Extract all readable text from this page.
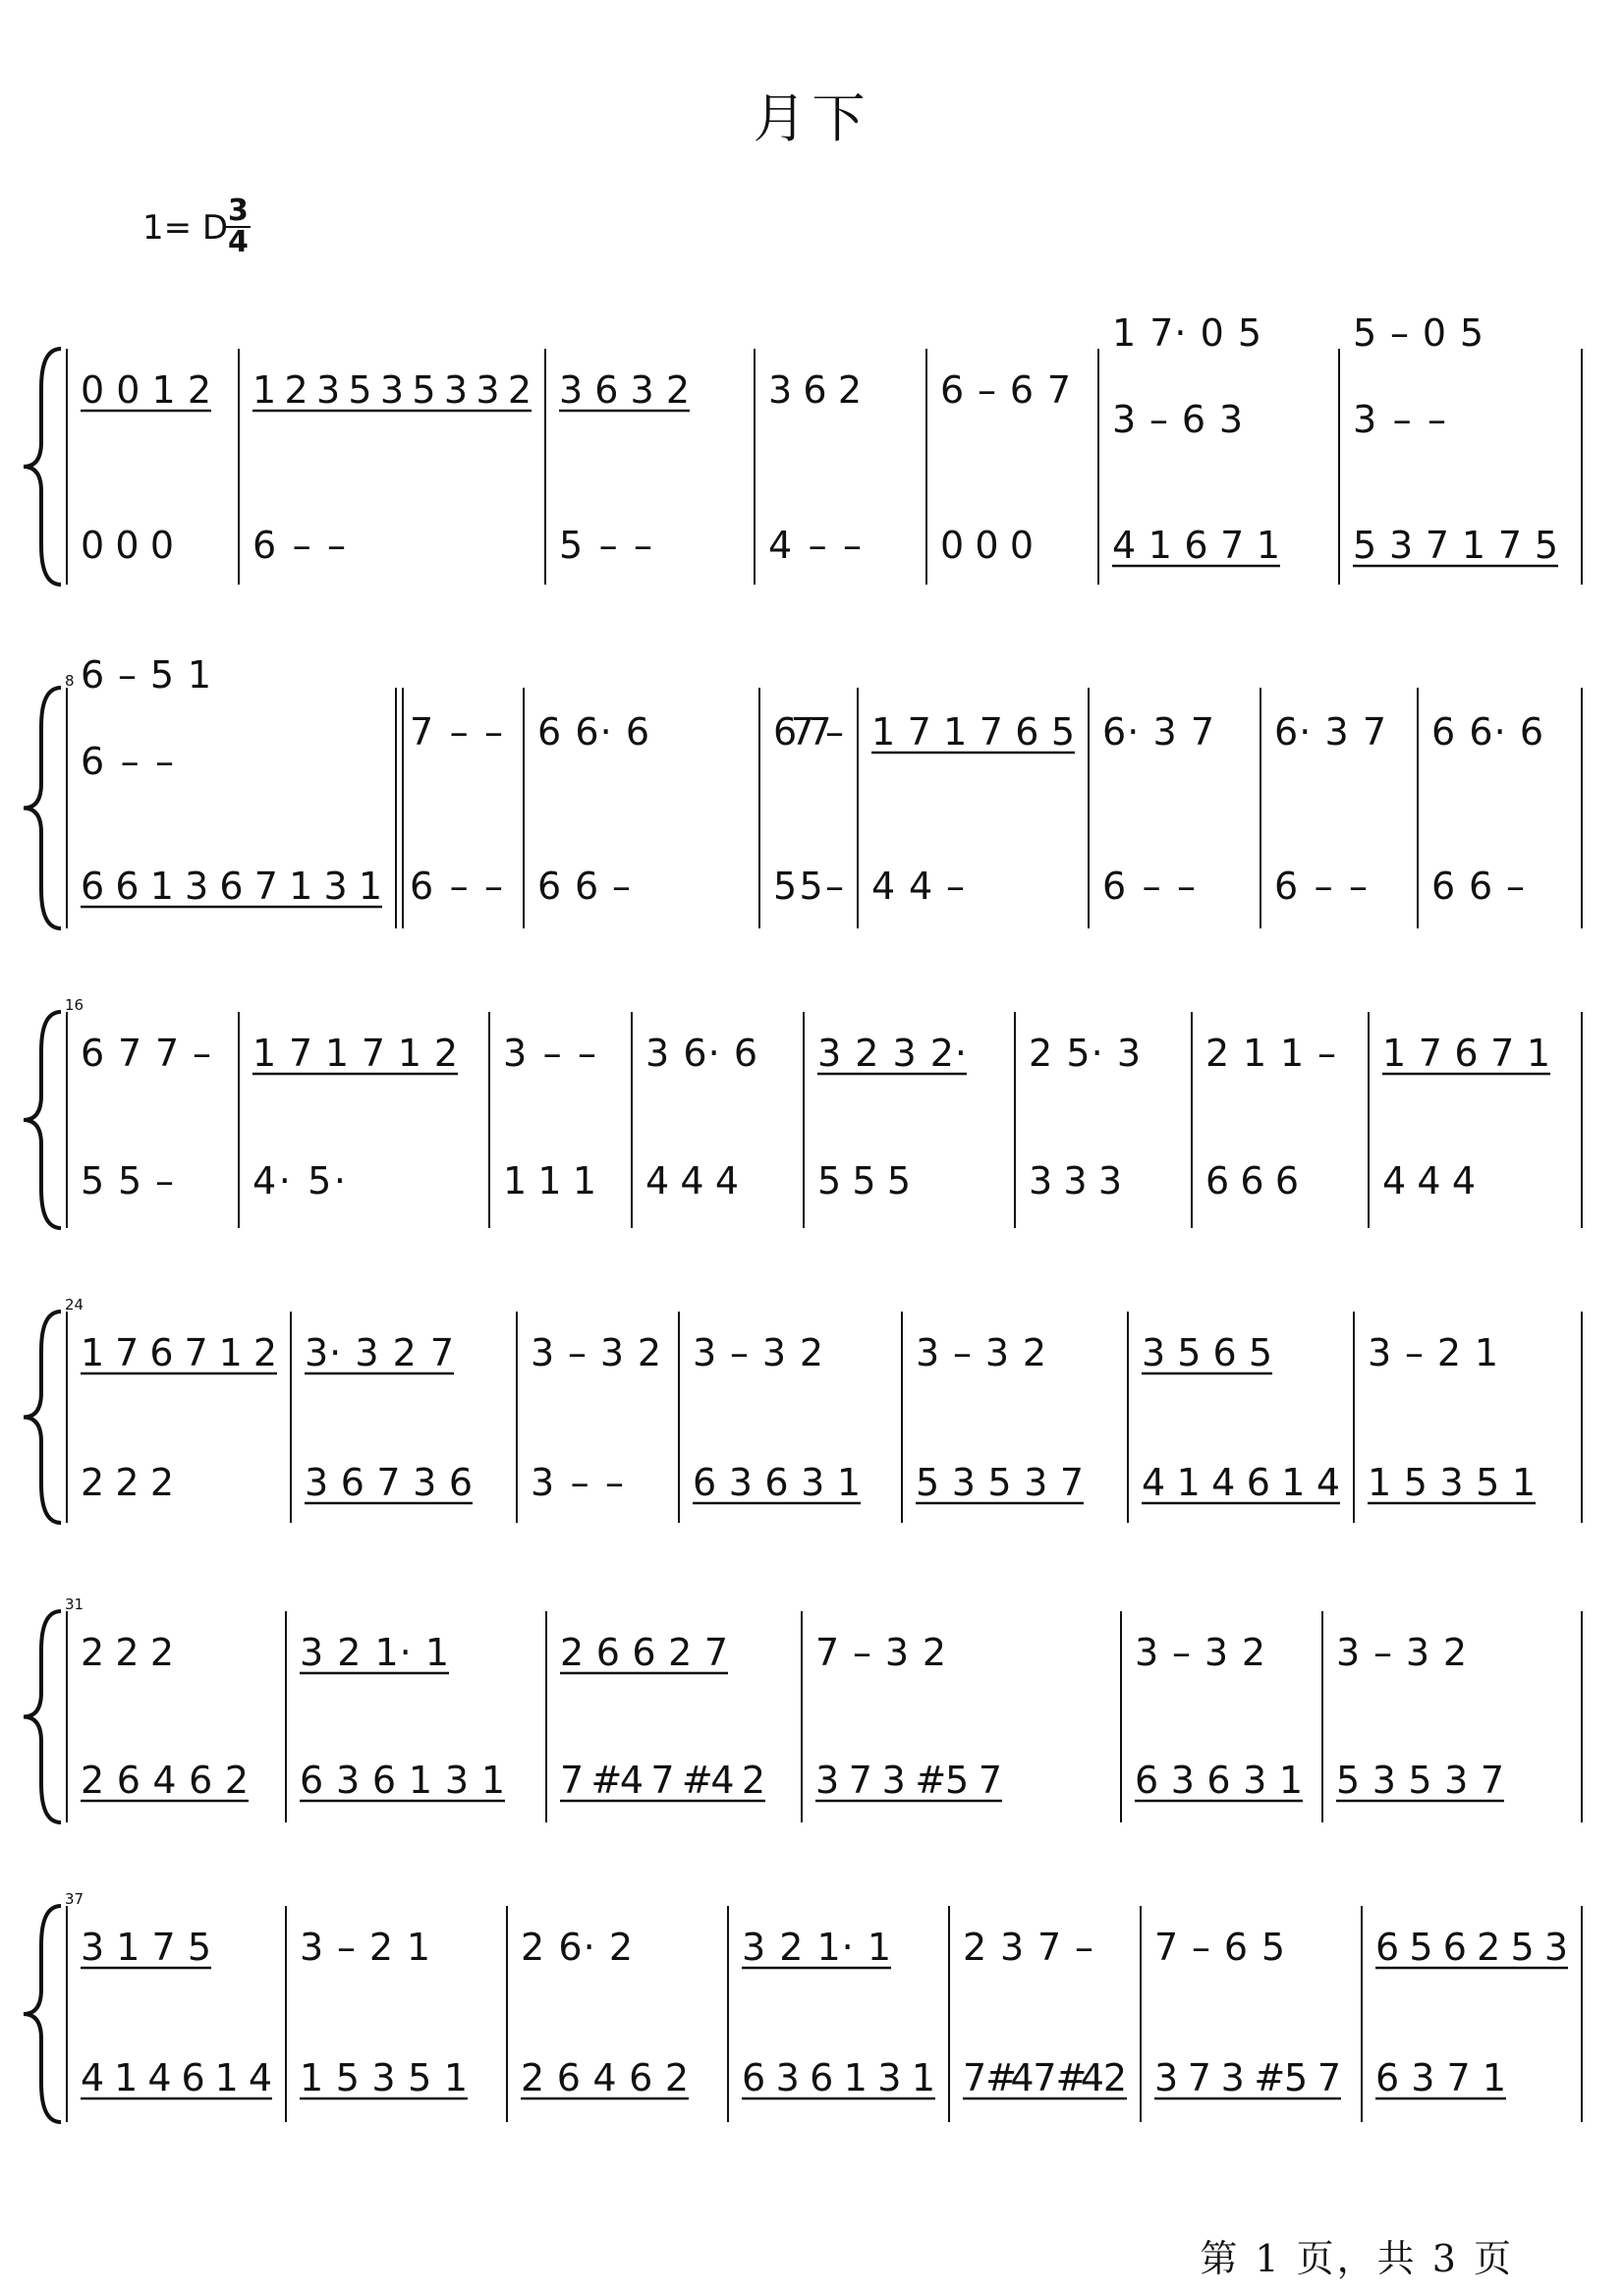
月下
1= D
$\frac{3}{4}$
0 0 1 2
0 0 0
1 2 3 5 3 5 3 3 2
6 – –
3 6 3 2
5 – –
3 6 2
4 – –
6 – 6 7
0 0 0
1 7· 0 5
3 – 6 3
4 1 6 7 1
5 – 0 5
3 – –
5 3 7 1 7 5
8 6 – 5 1
6 – –
6 6 1 3 6 7 1 3 1
7 – –
6 – –
6 6· 6
6 6 –
6 7 7 –
5 5 –
1 7 1 7 6 5
4 4 –
6· 3 7
6 – –
6· 3 7
6 – –
6 6· 6
6 6 –
16
6 7 7 –
5 5 –
1 7 1 7 1 2
4· 5·
3 – –
1 1 1
3 6· 6
4 4 4
3 2 3 2·
5 5 5
2 5· 3
3 3 3
2 1 1 –
6 6 6
1 7 6 7 1
4 4 4
24
1 7 6 7 1 2
2 2 2
3· 3 2 7
3 6 7 3 6
3 – 3 2
3 – –
3 – 3 2
6 3 6 3 1
3 – 3 2
5 3 5 3 7
3 5 6 5
4 1 4 6 1 4
3 – 2 1
1 5 3 5 1
31
2 2 2
2 6 4 6 2
3 2 1· 1
6 3 6 1 3 1
2 6 6 2 7
7 #4 7 #4 2
7 – 3 2
3 7 3 #5 7
3 – 3 2
6 3 6 3 1
3 – 3 2
5 3 5 3 7
37
3 1 7 5
4 1 4 6 1 4
3 – 2 1
1 5 3 5 1
2 6· 2
2 6 4 6 2
3 2 1· 1
6 3 6 1 3 1
2 3 7 –
7 #4 7 #4 2
7 – 6 5
3 7 3 #5 7
6 5 6 2 5 3
6 3 7 1
第 1 页，共 3 页
